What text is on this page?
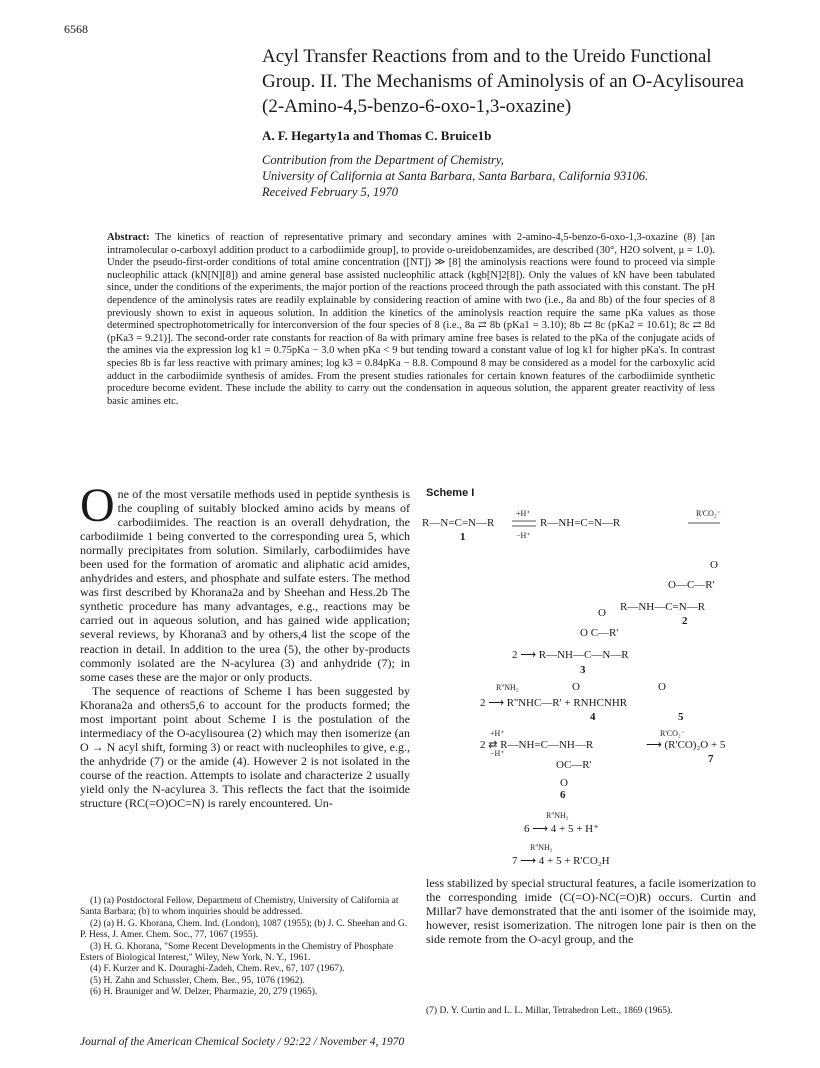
6568
Acyl Transfer Reactions from and to the Ureido Functional Group. II. The Mechanisms of Aminolysis of an O-Acylisourea (2-Amino-4,5-benzo-6-oxo-1,3-oxazine)
A. F. Hegarty1a and Thomas C. Bruice1b
Contribution from the Department of Chemistry,
University of California at Santa Barbara, Santa Barbara, California 93106.
Received February 5, 1970
Abstract: The kinetics of reaction of representative primary and secondary amines with 2-amino-4,5-benzo-6-oxo-1,3-oxazine (8) [an intramolecular o-carboxyl addition product to a carbodiimide group], to provide o-ureidobenzamides, are described (30°, H2O solvent, μ = 1.0). Under the pseudo-first-order conditions of total amine concentration ([NT]) ≫ [8] the aminolysis reactions were found to proceed via simple nucleophilic attack (kN[N][8]) and amine general base assisted nucleophilic attack (kgb[N]2[8]). Only the values of kN have been tabulated since, under the conditions of the experiments, the major portion of the reactions proceed through the path associated with this constant. The pH dependence of the aminolysis rates are readily explainable by considering reaction of amine with two (i.e., 8a and 8b) of the four species of 8 previously shown to exist in aqueous solution. In addition the kinetics of the aminolysis reaction require the same pKa values as those determined spectrophotometrically for interconversion of the four species of 8 (i.e., 8a ⇄ 8b (pKa1 = 3.10); 8b ⇄ 8c (pKa2 = 10.61); 8c ⇄ 8d (pKa3 = 9.21)]. The second-order rate constants for reaction of 8a with primary amine free bases is related to the pKa of the conjugate acids of the amines via the expression log k1 = 0.75pKa − 3.0 when pKa < 9 but tending toward a constant value of log k1 for higher pKa's. In contrast species 8b is far less reactive with primary amines; log k3 = 0.84pKa − 8.8. Compound 8 may be considered as a model for the carboxylic acid adduct in the carbodiimide synthesis of amides. From the present studies rationales for certain known features of the carbodiimide synthetic procedure become evident. These include the ability to carry out the condensation in aqueous solution, the apparent greater reactivity of less basic amines etc.
O ne of the most versatile methods used in peptide synthesis is the coupling of suitably blocked amino acids by means of carbodiimides. The reaction is an overall dehydration, the carbodiimide 1 being converted to the corresponding urea 5, which normally precipitates from solution. Similarly, carbodiimides have been used for the formation of aromatic and aliphatic acid amides, anhydrides and esters, and phosphate and sulfate esters. The method was first described by Khorana2a and by Sheehan and Hess.2b The synthetic procedure has many advantages, e.g., reactions may be carried out in aqueous solution, and has gained wide application; several reviews, by Khorana3 and by others,4 list the scope of the reaction in detail. In addition to the urea (5), the other by-products commonly isolated are the N-acylurea (3) and anhydride (7); in some cases these are the major or only products.

The sequence of reactions of Scheme I has been suggested by Khorana2a and others5,6 to account for the products formed; the most important point about Scheme I is the postulation of the intermediacy of the O-acylisourea (2) which may then isomerize (an O → N acyl shift, forming 3) or react with nucleophiles to give, e.g., the anhydride (7) or the amide (4). However 2 is not isolated in the course of the reaction. Attempts to isolate and characterize 2 usually yield only the N-acylurea 3. This reflects the fact that the isoimide structure (RC(=O)OC=N) is rarely encountered. Un-

(1) (a) Postdoctoral Fellow, Department of Chemistry, University of California at Santa Barbara; (b) to whom inquiries should be addressed.
(2) (a) H. G. Khorana, Chem. Ind. (London), 1087 (1955); (b) J. C. Sheehan and G. P. Hess, J. Amer. Chem. Soc., 77, 1067 (1955).
(3) H. G. Khorana, "Some Recent Developments in the Chemistry of Phosphate Esters of Biological Interest," Wiley, New York, N. Y., 1961.
(4) F. Kurzer and K. Douraghi-Zadeh, Chem. Rev., 67, 107 (1967).
(5) H. Zahn and Schussler, Chem. Ber., 95, 1076 (1962).
(6) H. Brauniger and W. Delzer, Pharmazie, 20, 279 (1965).
Scheme I
R—N=C=N—R
+H⁺
−H⁺
R—NH=C=N—R
R'CO₂⁻
1
O
O—C—R'
R—NH—C=N—R
2
O
O C—R'
2 ⟶ R—NH—C—N—R
3
R''NH₂	O	O
2 ⟶ R''NHC—R' + RNHCNHR
4	5
+H⁺
−H⁺
2 ⇄ R—NH=C—NH—R
R'CO₂⁻
⟶ (R'CO)₂O + 5
7
OC—R'
O
6
R''NH₂
6 ⟶ 4 + 5 + H⁺
R''NH₂
7 ⟶ 4 + 5 + R'CO₂H

less stabilized by special structural features, a facile isomerization to the corresponding imide (C(=O)-NC(=O)R) occurs. Curtin and Millar7 have demonstrated that the anti isomer of the isoimide may, however, resist isomerization. The nitrogen lone pair is then on the side remote from the O-acyl group, and the

(7) D. Y. Curtin and L. L. Millar, Tetrahedron Lett., 1869 (1965).
Journal of the American Chemical Society / 92:22 / November 4, 1970
